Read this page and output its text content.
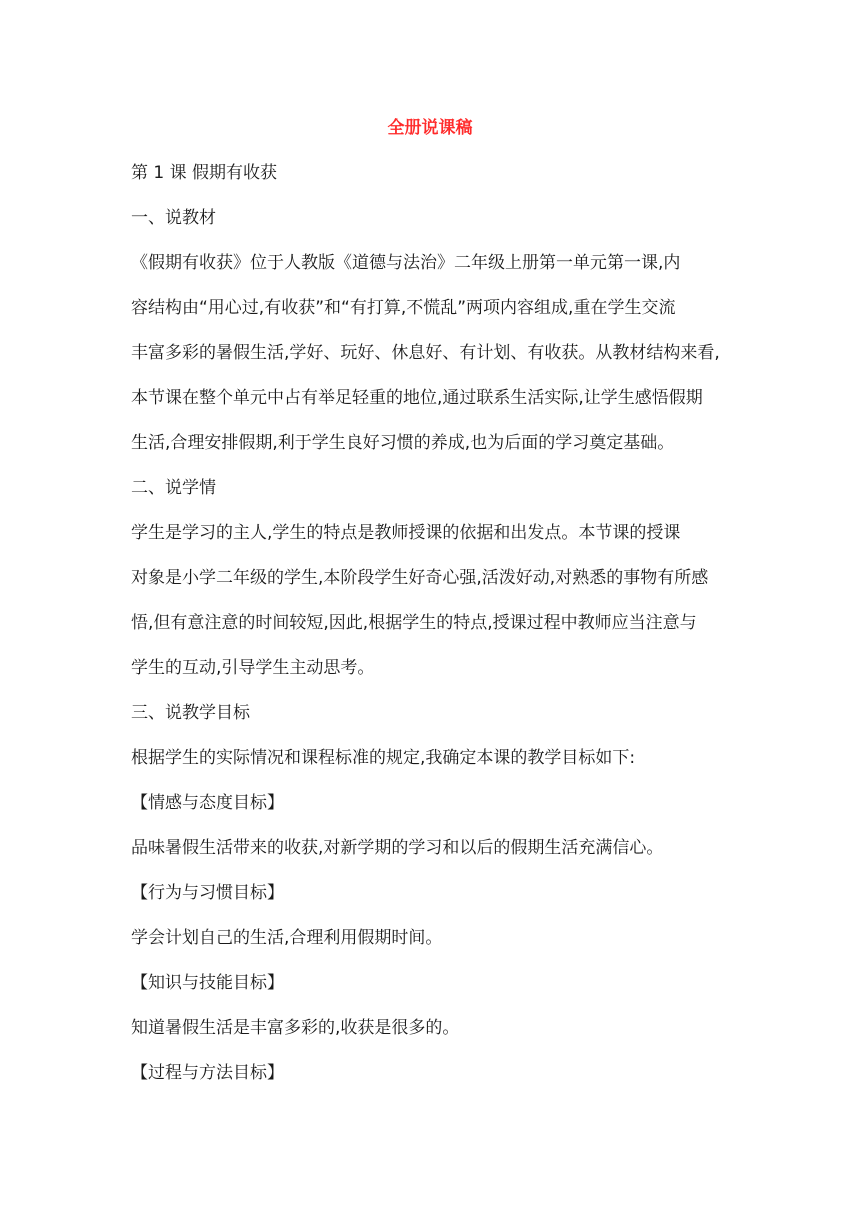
全册说课稿
第 1 课 假期有收获
一、说教材
《假期有收获》位于人教版《道德与法治》二年级上册第一单元第一课,内
容结构由“用心过,有收获”和“有打算,不慌乱”两项内容组成,重在学生交流
丰富多彩的暑假生活,学好、玩好、休息好、有计划、有收获。从教材结构来看,
本节课在整个单元中占有举足轻重的地位,通过联系生活实际,让学生感悟假期
生活,合理安排假期,利于学生良好习惯的养成,也为后面的学习奠定基础。
二、说学情
学生是学习的主人,学生的特点是教师授课的依据和出发点。本节课的授课
对象是小学二年级的学生,本阶段学生好奇心强,活泼好动,对熟悉的事物有所感
悟,但有意注意的时间较短,因此,根据学生的特点,授课过程中教师应当注意与
学生的互动,引导学生主动思考。
三、说教学目标
根据学生的实际情况和课程标准的规定,我确定本课的教学目标如下:
【情感与态度目标】
品味暑假生活带来的收获,对新学期的学习和以后的假期生活充满信心。
【行为与习惯目标】
学会计划自己的生活,合理利用假期时间。
【知识与技能目标】
知道暑假生活是丰富多彩的,收获是很多的。
【过程与方法目标】
